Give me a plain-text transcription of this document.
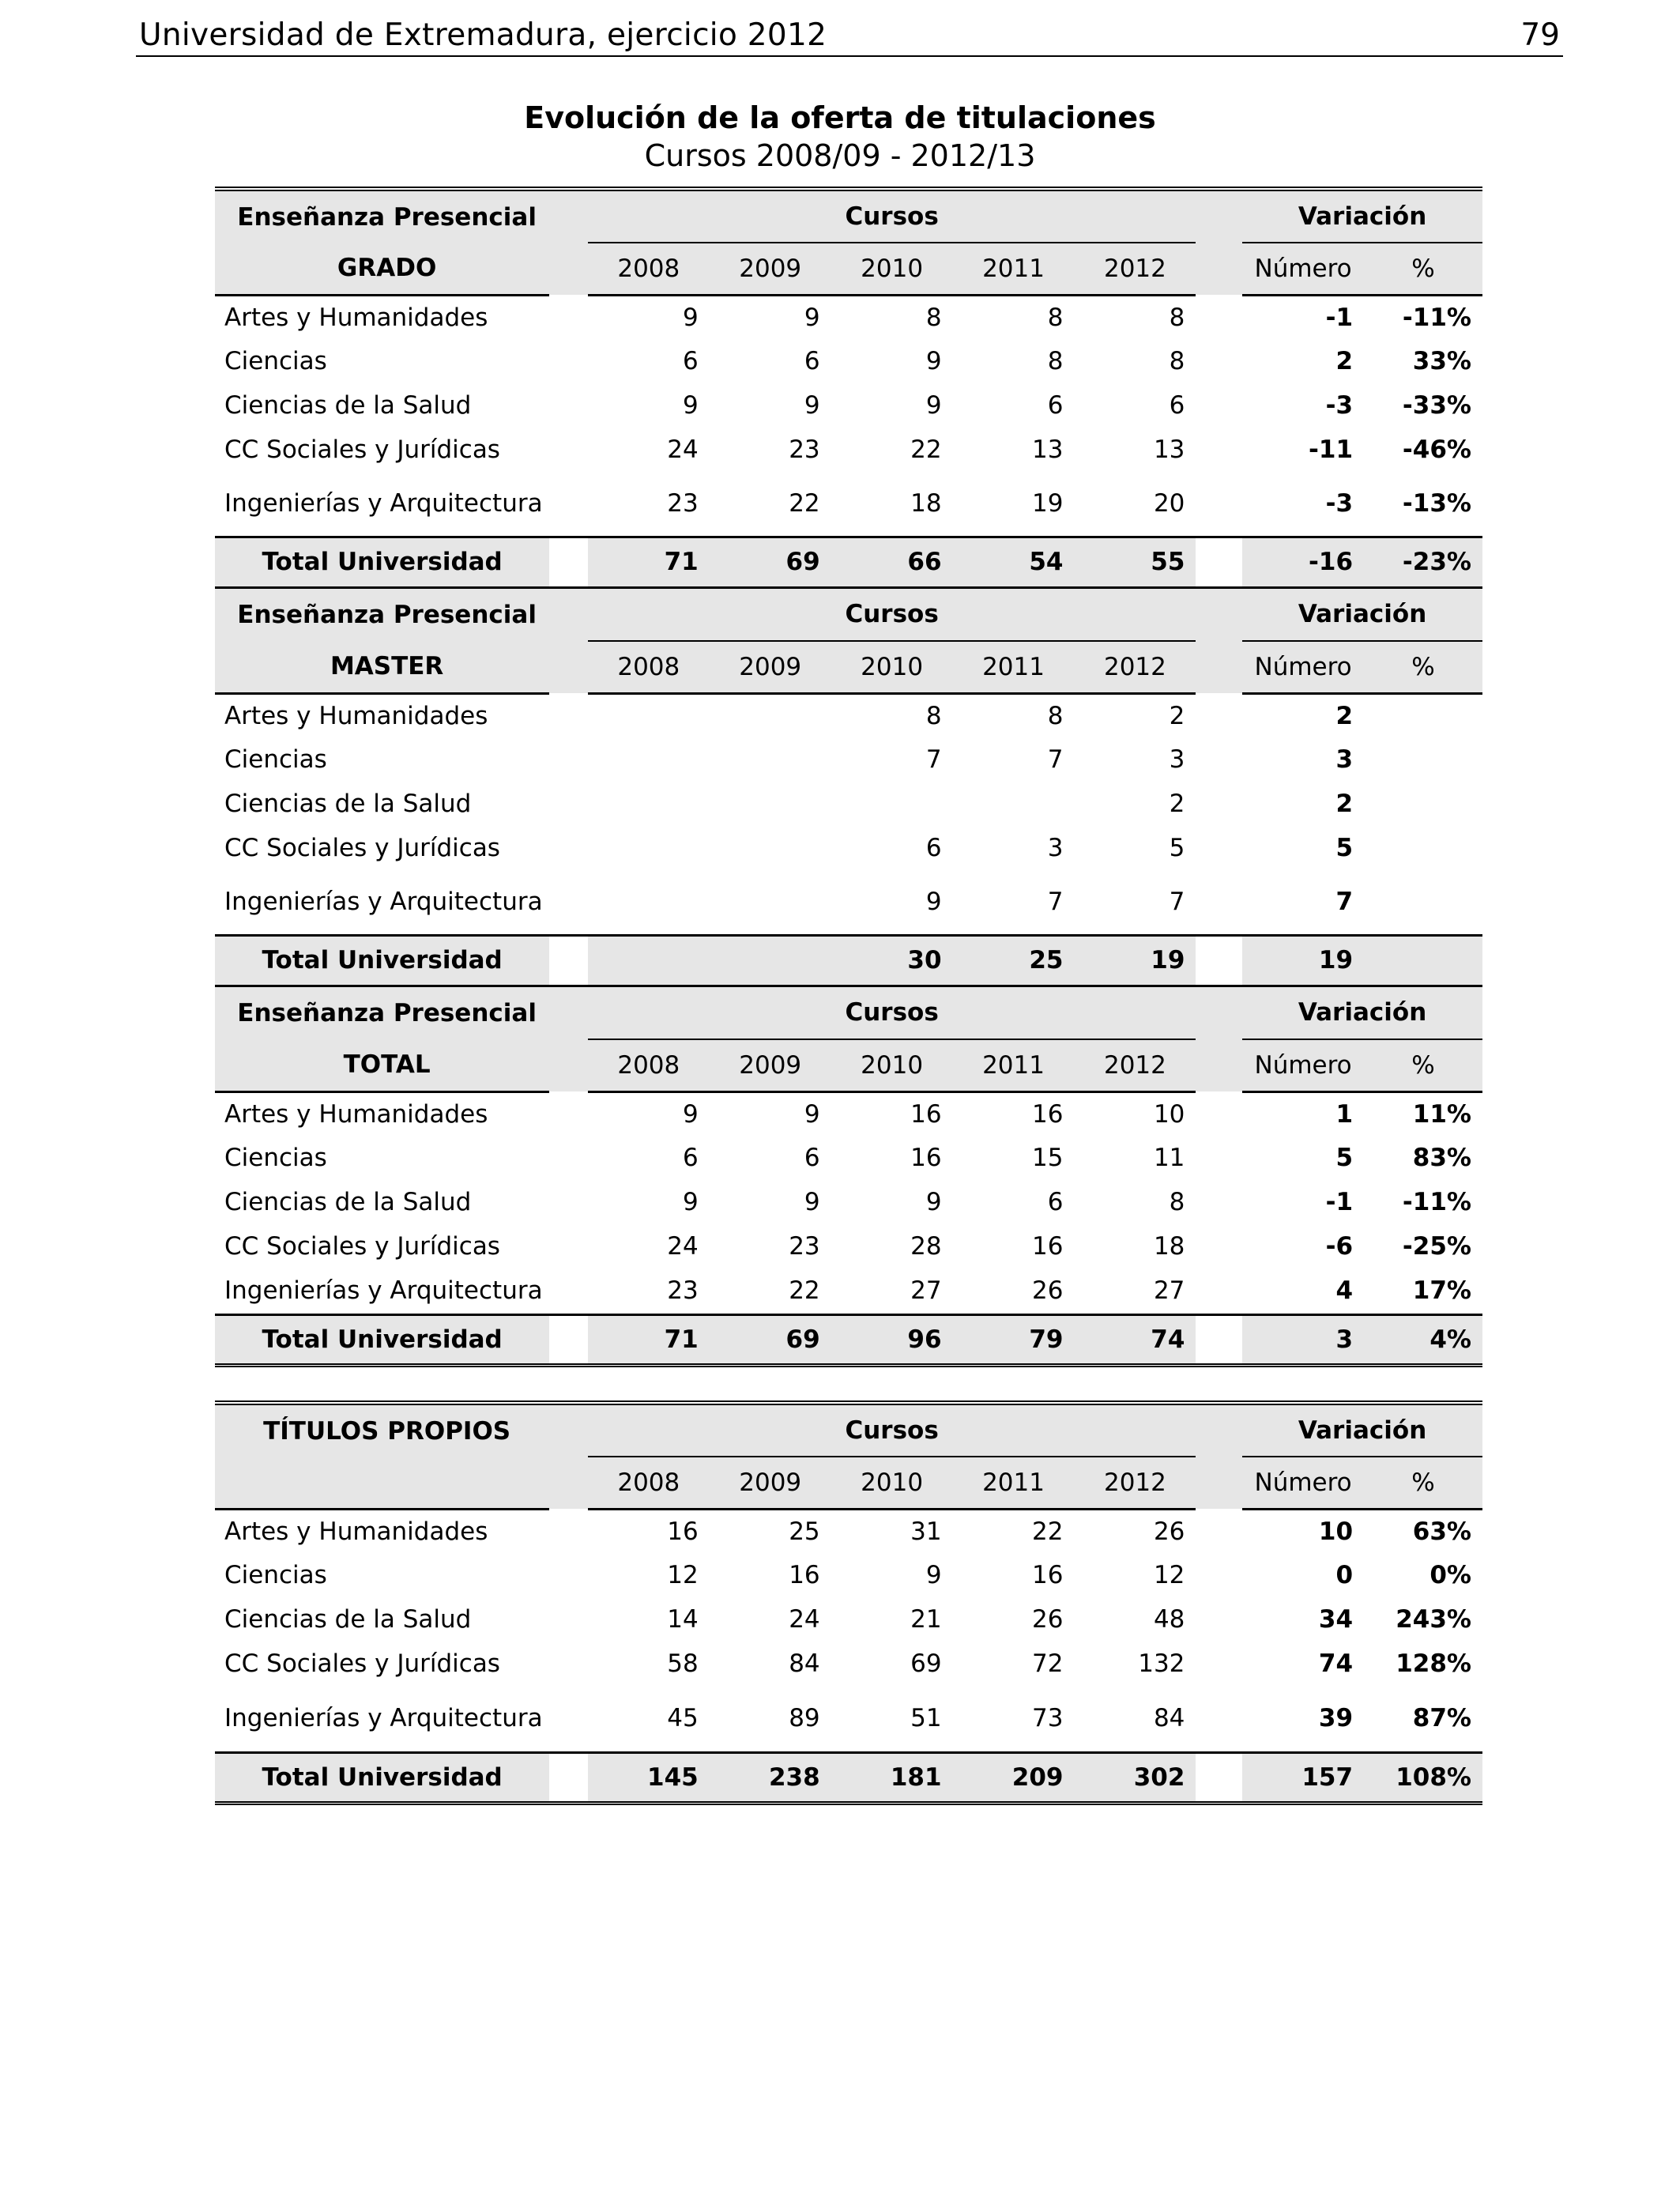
Universidad de Extremadura, ejercicio 2012	79
Evolución de la oferta de titulaciones
Cursos 2008/09 - 2012/13
Enseñanza Presencial		Cursos						Variación	
GRADO		2008	2009	2010	2011	2012		Número	%
Artes y Humanidades		9	9	8	8	8		-1	-11%
Ciencias		6	6	9	8	8		2	33%
Ciencias de la Salud		9	9	9	6	6		-3	-33%
CC Sociales y Jurídicas		24	23	22	13	13		-11	-46%
Ingenierías y Arquitectura		23	22	18	19	20		-3	-13%
Total Universidad		71	69	66	54	55		-16	-23%
Enseñanza Presencial		Cursos						Variación	
MASTER		2008	2009	2010	2011	2012		Número	%
Artes y Humanidades				8	8	2		2	
Ciencias				7	7	3		3	
Ciencias de la Salud						2		2	
CC Sociales y Jurídicas				6	3	5		5	
Ingenierías y Arquitectura				9	7	7		7	
Total Universidad				30	25	19		19	
Enseñanza Presencial		Cursos						Variación	
TOTAL		2008	2009	2010	2011	2012		Número	%
Artes y Humanidades		9	9	16	16	10		1	11%
Ciencias		6	6	16	15	11		5	83%
Ciencias de la Salud		9	9	9	6	8		-1	-11%
CC Sociales y Jurídicas		24	23	28	16	18		-6	-25%
Ingenierías y Arquitectura		23	22	27	26	27		4	17%
Total Universidad		71	69	96	79	74		3	4%
TÍTULOS PROPIOS		Cursos						Variación	
		2008	2009	2010	2011	2012		Número	%
Artes y Humanidades		16	25	31	22	26		10	63%
Ciencias		12	16	9	16	12		0	0%
Ciencias de la Salud		14	24	21	26	48		34	243%
CC Sociales y Jurídicas		58	84	69	72	132		74	128%
Ingenierías y Arquitectura		45	89	51	73	84		39	87%
Total Universidad		145	238	181	209	302		157	108%
